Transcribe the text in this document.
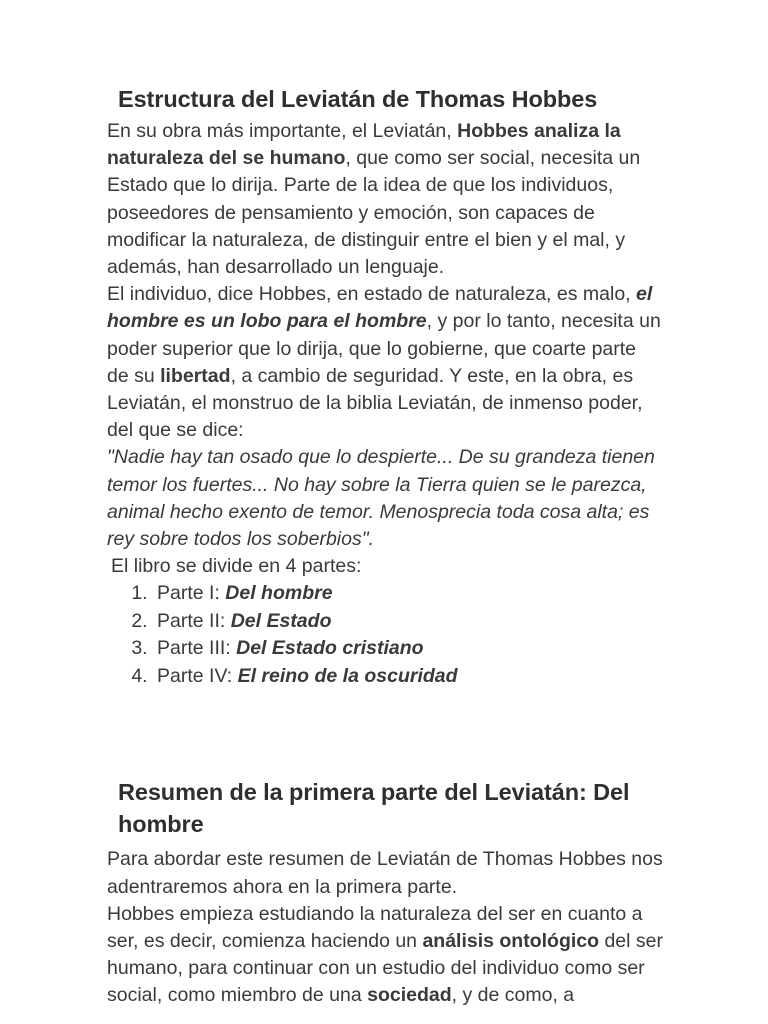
Estructura del Leviatán de Thomas Hobbes

En su obra más importante, el Leviatán, Hobbes analiza la naturaleza del se humano, que como ser social, necesita un Estado que lo dirija. Parte de la idea de que los individuos, poseedores de pensamiento y emoción, son capaces de modificar la naturaleza, de distinguir entre el bien y el mal, y además, han desarrollado un lenguaje.

El individuo, dice Hobbes, en estado de naturaleza, es malo, el hombre es un lobo para el hombre, y por lo tanto, necesita un poder superior que lo dirija, que lo gobierne, que coarte parte de su libertad, a cambio de seguridad. Y este, en la obra, es Leviatán, el monstruo de la biblia Leviatán, de inmenso poder, del que se dice:

"Nadie hay tan osado que lo despierte... De su grandeza tienen temor los fuertes... No hay sobre la Tierra quien se le parezca, animal hecho exento de temor. Menosprecia toda cosa alta; es rey sobre todos los soberbios".

El libro se divide en 4 partes:

1. Parte I: Del hombre
2. Parte II: Del Estado
3. Parte III: Del Estado cristiano
4. Parte IV: El reino de la oscuridad
Resumen de la primera parte del Leviatán: Del hombre

Para abordar este resumen de Leviatán de Thomas Hobbes nos adentraremos ahora en la primera parte.

Hobbes empieza estudiando la naturaleza del ser en cuanto a ser, es decir, comienza haciendo un análisis ontológico del ser humano, para continuar con un estudio del individuo como ser social, como miembro de una sociedad, y de como, a
